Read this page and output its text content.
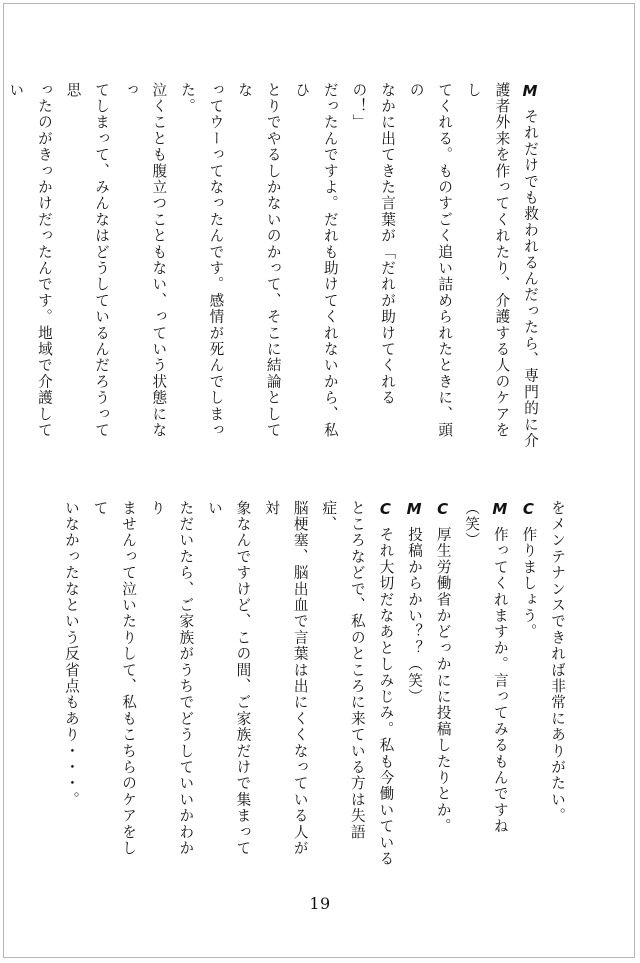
Mそれだけでも救われるんだったら、専門的に介
護者外来を作ってくれたり、介護する人のケアをし
てくれる。ものすごく追い詰められたときに、頭の
なかに出てきた言葉が「だれが助けてくれるの！」
だったんですよ。だれも助けてくれないから、私ひ
とりでやるしかないのかって、そこに結論としてな
ってウーってなったんです。感情が死んでしまった。
泣くことも腹立つこともない、っていう状態になっ
てしまって、みんなはどうしているんだろうって思
ったのがきっかけだったんです。地域で介護してい

をメンテナンスできれば非常にありがたい。
C作りましょう。
M作ってくれますか。言ってみるもんですね（笑）
C厚生労働省かどっかにに投稿したりとか。
M投稿からかい？？（笑）
Cそれ大切だなあとしみじみ。私も今働いている
ところなどで、私のところに来ている方は失語症、
脳梗塞、脳出血で言葉は出にくくなっている人が対
象なんですけど、この間、ご家族だけで集まってい
ただいたら、ご家族がうちでどうしていいかわかり
ませんって泣いたりして、私もこちらのケアをして
いなかったなという反省点もあり・・・。
19
